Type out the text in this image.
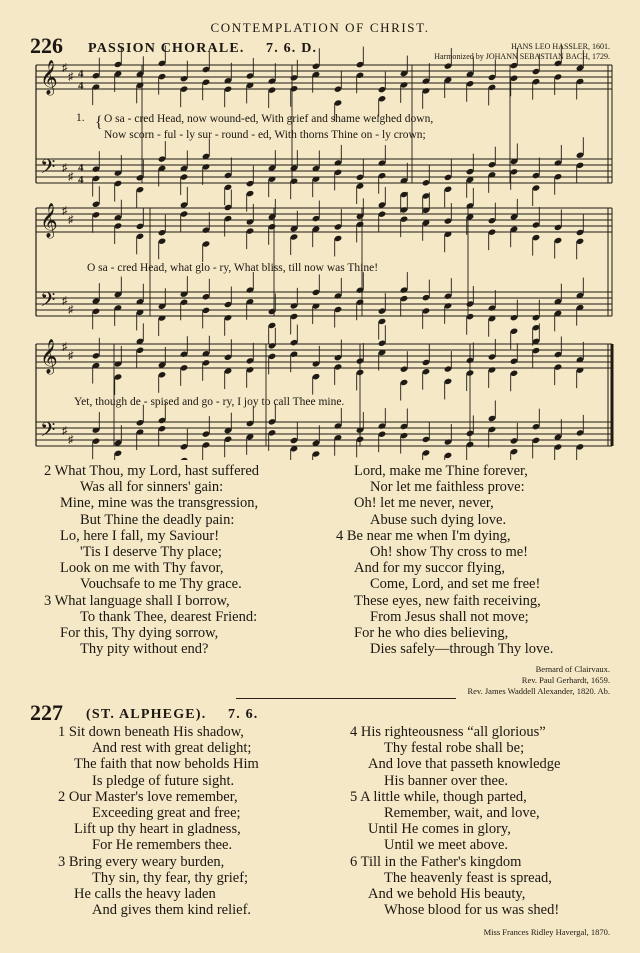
CONTEMPLATION OF CHRIST.
226 PASSION CHORALE. 7. 6. D.	HANS LEO HASSLER, 1601.
Harmonized by JOHANN SEBASTIAN BACH, 1729.
𝄞 ♯
♯ 4
4
𝄢 ♯
♯
4
4
𝄞 ♯
♯
𝄢 ♯
♯
𝄞 ♯
♯
𝄢 ♯
♯
1. { O sa - cred Head, now wound-ed, With grief and shame weighed down,
Now scorn - ful - ly sur - round - ed, With thorns Thine on - ly crown;
O sa - cred Head, what glo - ry, What bliss, till now was Thine!
Yet, though de - spised and go - ry, I joy to call Thee mine.
2 What Thou, my Lord, hast suffered
Was all for sinners' gain:
Mine, mine was the transgression,
But Thine the deadly pain:
Lo, here I fall, my Saviour!
'Tis I deserve Thy place;
Look on me with Thy favor,
Vouchsafe to me Thy grace.
3 What language shall I borrow,
To thank Thee, dearest Friend:
For this, Thy dying sorrow,
Thy pity without end?
Lord, make me Thine forever,
Nor let me faithless prove:
Oh! let me never, never,
Abuse such dying love.
4 Be near me when I'm dying,
Oh! show Thy cross to me!
And for my succor flying,
Come, Lord, and set me free!
These eyes, new faith receiving,
From Jesus shall not move;
For he who dies believing,
Dies safely—through Thy love.
Bernard of Clairvaux.
Rev. Paul Gerhardt, 1659.
Rev. James Waddell Alexander, 1820. Ab.
227 (ST. ALPHEGE). 7. 6.
1 Sit down beneath His shadow,
And rest with great delight;
The faith that now beholds Him
Is pledge of future sight.
2 Our Master's love remember,
Exceeding great and free;
Lift up thy heart in gladness,
For He remembers thee.
3 Bring every weary burden,
Thy sin, thy fear, thy grief;
He calls the heavy laden
And gives them kind relief.
4 His righteousness “all glorious”
Thy festal robe shall be;
And love that passeth knowledge
His banner over thee.
5 A little while, though parted,
Remember, wait, and love,
Until He comes in glory,
Until we meet above.
6 Till in the Father's kingdom
The heavenly feast is spread,
And we behold His beauty,
Whose blood for us was shed!
Miss Frances Ridley Havergal, 1870.
